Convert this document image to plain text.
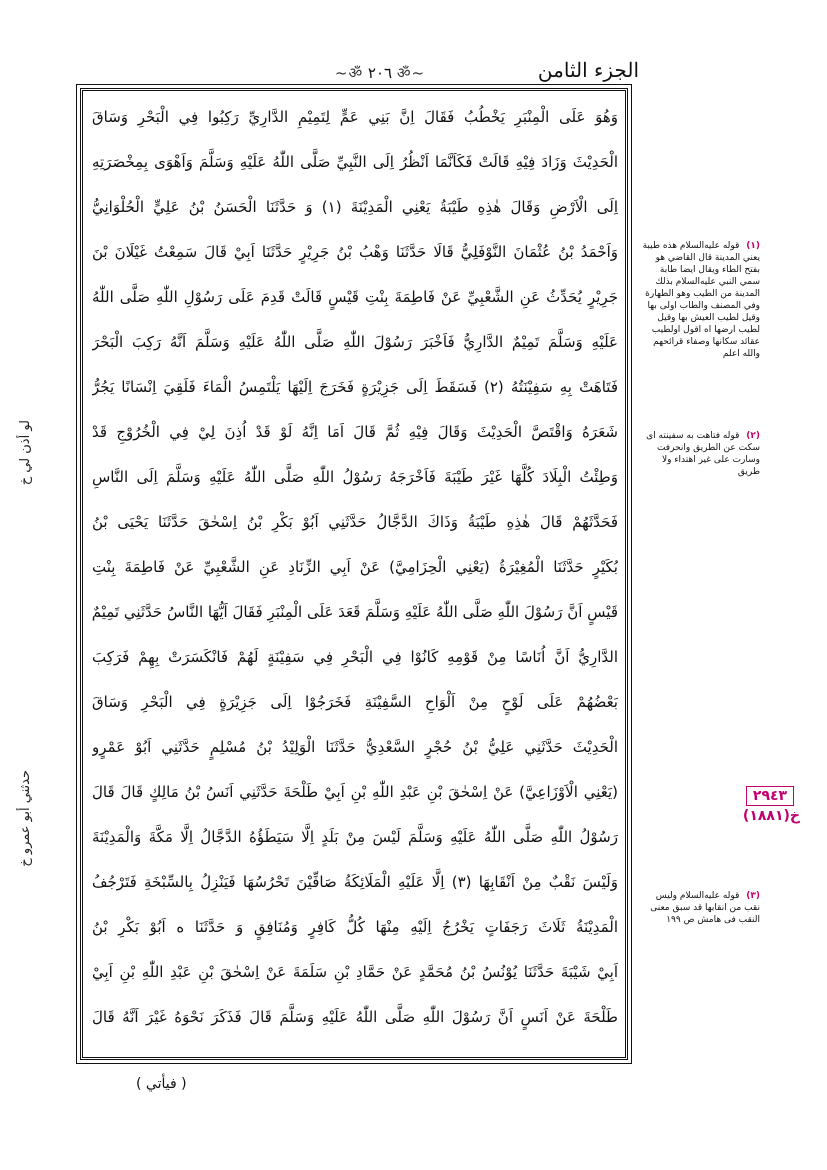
الجزء الثامن
~ॐ ٢٠٦ ॐ~
وَهُوَ عَلَى الْمِنْبَرِ يَخْطُبُ فَقَالَ اِنَّ بَنِي عَمٍّ لِتَمِيْمِ الدَّارِيِّ رَكِبُوا فِي الْبَحْرِ وَسَاقَ
الْحَدِيْثَ وَزَادَ فِيْهِ قَالَتْ فَكَاَنَّمَا اَنْظُرُ اِلَى النَّبِيِّ صَلَّى اللّٰهُ عَلَيْهِ وَسَلَّمَ وَاَهْوَى بِمِخْصَرَتِهِ
اِلَى الْاَرْضِ وَقَالَ هٰذِهِ طَيْبَةُ يَعْنِي الْمَدِيْنَةَ (١) وَ حَدَّثَنَا الْحَسَنُ بْنُ عَلِيٍّ الْحُلْوَانِيُّ
وَاَحْمَدُ بْنُ عُثْمَانَ النَّوْفَلِيُّ قَالَا حَدَّثَنَا وَهْبُ بْنُ جَرِيْرٍ حَدَّثَنَا اَبِيْ قَالَ سَمِعْتُ غَيْلَانَ بْنَ
جَرِيْرٍ يُحَدِّثُ عَنِ الشَّعْبِيِّ عَنْ فَاطِمَةَ بِنْتِ قَيْسٍ قَالَتْ قَدِمَ عَلَى رَسُوْلِ اللّٰهِ صَلَّى اللّٰهُ
عَلَيْهِ وَسَلَّمَ تَمِيْمٌ الدَّارِيُّ فَاَخْبَرَ رَسُوْلَ اللّٰهِ صَلَّى اللّٰهُ عَلَيْهِ وَسَلَّمَ اَنَّهُ رَكِبَ الْبَحْرَ
فَتَاهَتْ بِهِ سَفِيْنَتُهُ (٢) فَسَقَطَ اِلَى جَزِيْرَةٍ فَخَرَجَ اِلَيْهَا يَلْتَمِسُ الْمَاءَ فَلَقِيَ اِنْسَانًا يَجُرُّ
شَعَرَهُ وَاقْتَصَّ الْحَدِيْثَ وَقَالَ فِيْهِ ثُمَّ قَالَ اَمَا اِنَّهُ لَوْ قَدْ اُذِنَ لِيْ فِي الْخُرُوْجِ قَدْ
وَطِئْتُ الْبِلَادَ كُلَّهَا غَيْرَ طَيْبَةَ فَاَخْرَجَهُ رَسُوْلُ اللّٰهِ صَلَّى اللّٰهُ عَلَيْهِ وَسَلَّمَ اِلَى النَّاسِ
فَحَدَّثَهُمْ قَالَ هٰذِهِ طَيْبَةُ وَذَاكَ الدَّجَّالُ حَدَّثَنِي اَبُوْ بَكْرِ بْنُ اِسْحٰقَ حَدَّثَنَا يَحْيَى بْنُ
بُكَيْرٍ حَدَّثَنَا الْمُغِيْرَةُ (يَعْنِي الْحِزَامِيَّ) عَنْ اَبِي الزِّنَادِ عَنِ الشَّعْبِيِّ عَنْ فَاطِمَةَ بِنْتِ
قَيْسٍ اَنَّ رَسُوْلَ اللّٰهِ صَلَّى اللّٰهُ عَلَيْهِ وَسَلَّمَ قَعَدَ عَلَى الْمِنْبَرِ فَقَالَ اَيُّهَا النَّاسُ حَدَّثَنِي تَمِيْمٌ
الدَّارِيُّ اَنَّ اُنَاسًا مِنْ قَوْمِهِ كَانُوْا فِي الْبَحْرِ فِي سَفِيْنَةٍ لَهُمْ فَانْكَسَرَتْ بِهِمْ فَرَكِبَ
بَعْضُهُمْ عَلَى لَوْحٍ مِنْ اَلْوَاحِ السَّفِيْنَةِ فَخَرَجُوْا اِلَى جَزِيْرَةٍ فِي الْبَحْرِ وَسَاقَ
الْحَدِيْثَ حَدَّثَنِي عَلِيُّ بْنُ حُجْرٍ السَّعْدِيُّ حَدَّثَنَا الْوَلِيْدُ بْنُ مُسْلِمٍ حَدَّثَنِي اَبُوْ عَمْرٍو
(يَعْنِي الْاَوْزَاعِيَّ) عَنْ اِسْحٰقَ بْنِ عَبْدِ اللّٰهِ بْنِ اَبِيْ طَلْحَةَ حَدَّثَنِي اَنَسُ بْنُ مَالِكٍ قَالَ قَالَ
رَسُوْلُ اللّٰهِ صَلَّى اللّٰهُ عَلَيْهِ وَسَلَّمَ لَيْسَ مِنْ بَلَدٍ اِلَّا سَيَطَؤُهُ الدَّجَّالُ اِلَّا مَكَّةَ وَالْمَدِيْنَةَ
وَلَيْسَ نَقْبٌ مِنْ اَنْقَابِهَا (٣) اِلَّا عَلَيْهِ الْمَلَائِكَةُ صَافِّيْنَ تَحْرُسُهَا فَيَنْزِلُ بِالسِّبْخَةِ فَتَرْجُفُ
الْمَدِيْنَةُ ثَلَاثَ رَجَفَاتٍ يَخْرُجُ اِلَيْهِ مِنْهَا كُلُّ كَافِرٍ وَمُنَافِقٍ وَ حَدَّثَنَا ه اَبُوْ بَكْرِ بْنُ
اَبِيْ شَيْبَةَ حَدَّثَنَا يُوْنُسُ بْنُ مُحَمَّدٍ عَنْ حَمَّادِ بْنِ سَلَمَةَ عَنْ اِسْحٰقَ بْنِ عَبْدِ اللّٰهِ بْنِ اَبِيْ
طَلْحَةَ عَنْ اَنَسٍ اَنَّ رَسُوْلَ اللّٰهِ صَلَّى اللّٰهُ عَلَيْهِ وَسَلَّمَ قَالَ فَذَكَرَ نَحْوَهُ غَيْرَ اَنَّهُ قَالَ
لو أذن لي خ
حدثني أبو عمرو خ
(١) قوله عليه‌السلام هذه طيبة يعني المدينة قال القاضي هو بفتح الطاء ويقال ايضا طابة سمي النبي عليه‌السلام بذلك المدينة من الطيب وهو الطهارة وفي المصنف والطاب اولى بها وقيل لطيب العيش بها وقيل لطيب ارضها اه اقول اولطيب عقائد سكانها وصفاء قرائحهم والله اعلم
(٢) قوله فتاهت به سفينته اى سكت عن الطريق وانحرفت وسارت على غير اهتداء ولا طريق
(٣) قوله عليه‌السلام وليس نقب من انقابها قد سبق معنى النقب فى هامش ص ١٩٩
٢٩٤٣
خ(١٨٨١)
( فيأتي )
